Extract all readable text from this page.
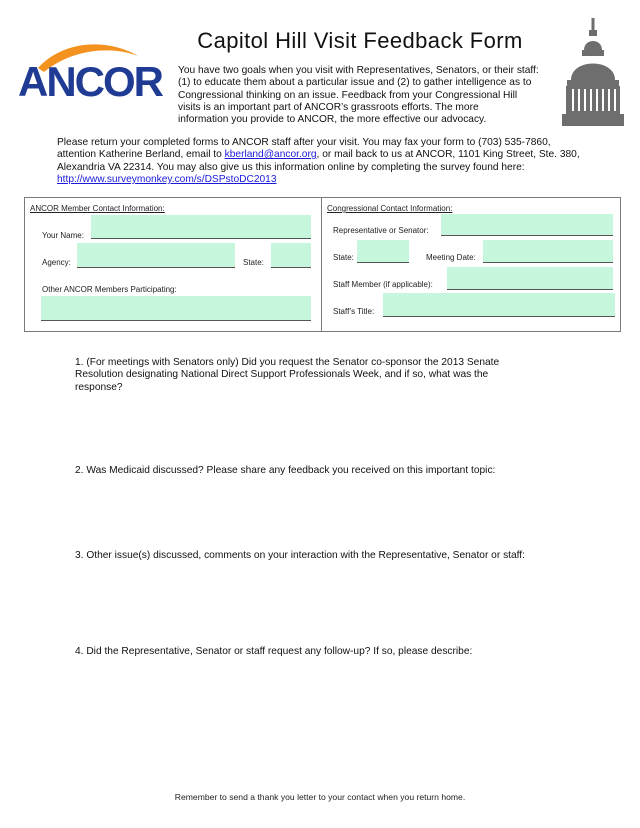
ANCOR
Capitol Hill Visit Feedback Form
You have two goals when you visit with Representatives, Senators, or their staff:
(1) to educate them about a particular issue and (2) to gather intelligence as to
Congressional thinking on an issue. Feedback from your Congressional Hill
visits is an important part of ANCOR’s grassroots efforts. The more
information you provide to ANCOR, the more effective our advocacy.
Please return your completed forms to ANCOR staff after your visit. You may fax your form to (703) 535-7860,
attention Katherine Berland, email to kberland@ancor.org, or mail back to us at ANCOR, 1101 King Street, Ste. 380,
Alexandria VA 22314. You may also give us this information online by completing the survey found here:
http://www.surveymonkey.com/s/DSPstoDC2013
ANCOR Member Contact Information:
Your Name:
Agency:	State:
Other ANCOR Members Participating:
Congressional Contact Information:
Representative or Senator:
State:	Meeting Date:
Staff Member (if applicable):
Staff’s Title:
1. (For meetings with Senators only) Did you request the Senator co-sponsor the 2013 Senate
Resolution designating National Direct Support Professionals Week, and if so, what was the
response?
2. Was Medicaid discussed? Please share any feedback you received on this important topic:
3. Other issue(s) discussed, comments on your interaction with the Representative, Senator or staff:
4. Did the Representative, Senator or staff request any follow-up? If so, please describe:
Remember to send a thank you letter to your contact when you return home.
